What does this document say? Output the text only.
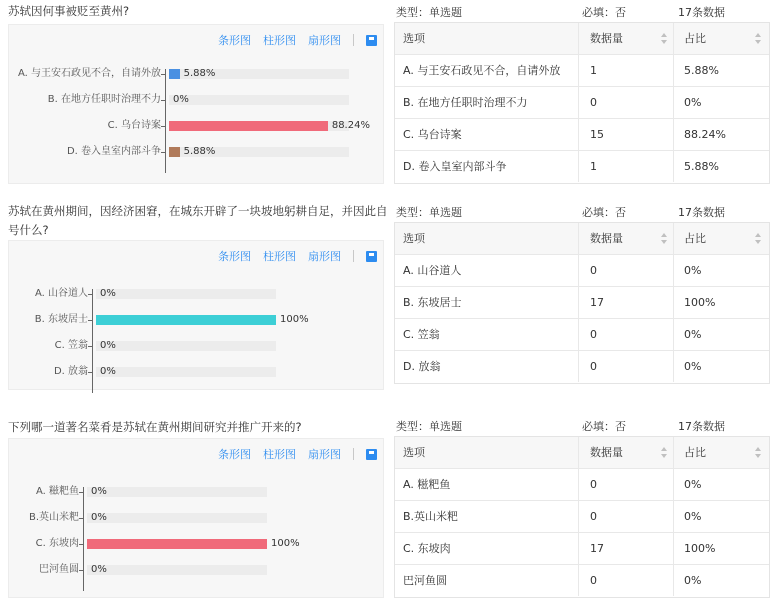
苏轼因何事被贬至黄州?
条形图 柱形图 扇形图
A. 与王安石政见不合，自请外放 5.88%
B. 在地方任职时治理不力 0%
C. 乌台诗案	88.24%
D. 卷入皇室内部斗争 5.88%
类型：单选题	必填：否	17条数据
选项	数据量	占比
A. 与王安石政见不合，自请外放	1	5.88%
B. 在地方任职时治理不力	0	0%
C. 乌台诗案	15	88.24%
D. 卷入皇室内部斗争	1	5.88%
苏轼在黄州期间，因经济困窘，在城东开辟了一块坡地躬耕自足，并因此自号什么?
条形图 柱形图 扇形图
A. 山谷道人 0%
B. 东坡居士	100%
C. 笠翁 0%
D. 放翁 0%
类型：单选题	必填：否	17条数据
选项	数据量	占比
A. 山谷道人	0	0%
B. 东坡居士	17	100%
C. 笠翁	0	0%
D. 放翁	0	0%
下列哪一道著名菜肴是苏轼在黄州期间研究并推广开来的?
条形图 柱形图 扇形图
A. 糍粑鱼 0%
B.英山米粑 0%
C. 东坡肉	100%
巴河鱼圆 0%
类型：单选题	必填：否	17条数据
选项	数据量	占比
A. 糍粑鱼	0	0%
B.英山米粑	0	0%
C. 东坡肉	17	100%
巴河鱼圆	0	0%
